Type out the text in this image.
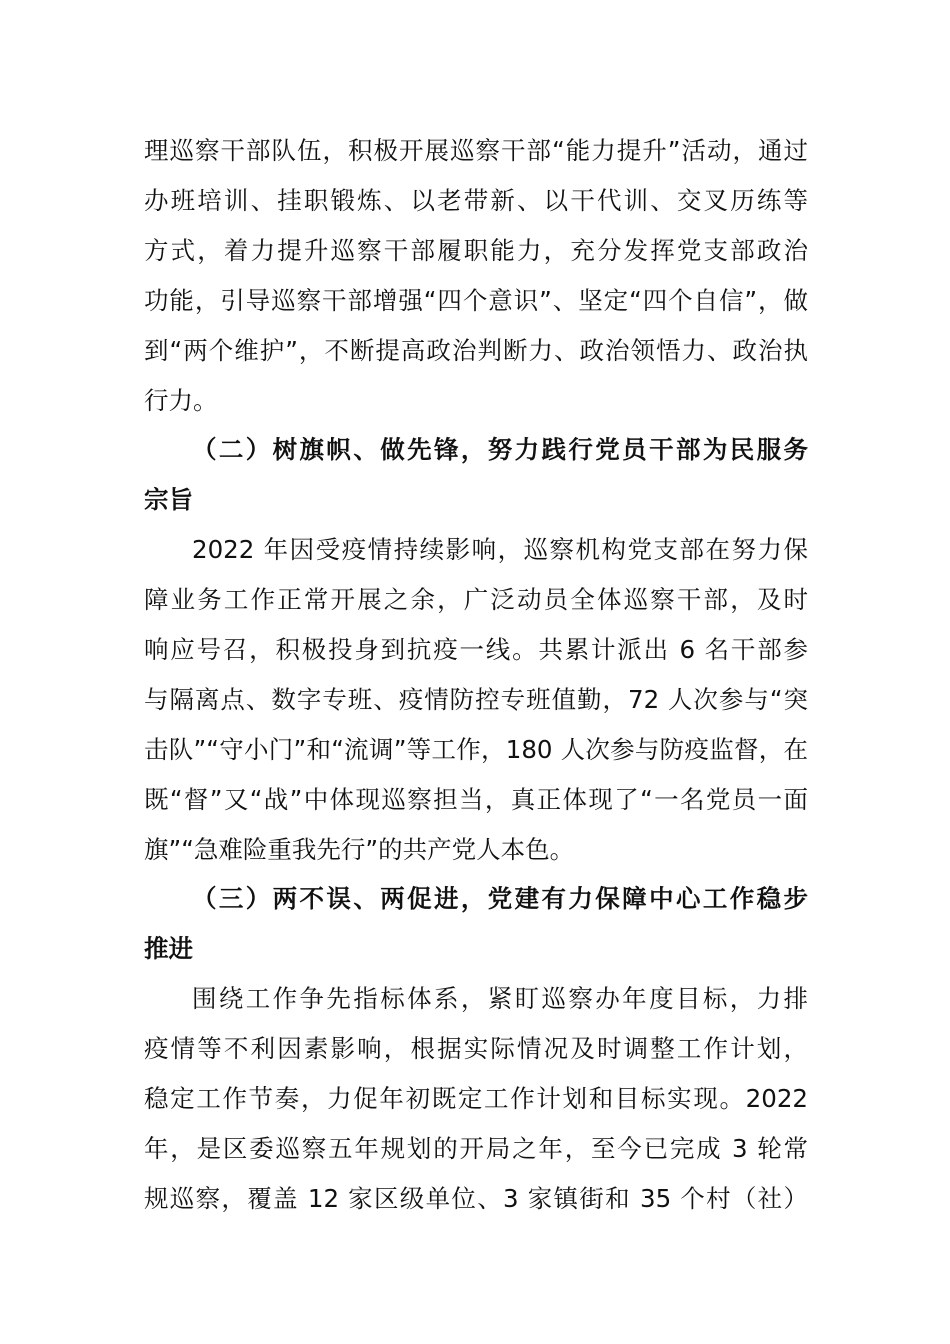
理巡察干部队伍，积极开展巡察干部“能力提升”活动，通过
办班培训、挂职锻炼、以老带新、以干代训、交叉历练等
方式，着力提升巡察干部履职能力，充分发挥党支部政治
功能，引导巡察干部增强“四个意识”、坚定“四个自信”，做
到“两个维护”，不断提高政治判断力、政治领悟力、政治执
行力。
（二）树旗帜、做先锋，努力践行党员干部为民服务
宗旨
2022 年因受疫情持续影响，巡察机构党支部在努力保
障业务工作正常开展之余，广泛动员全体巡察干部，及时
响应号召，积极投身到抗疫一线。共累计派出 6 名干部参
与隔离点、数字专班、疫情防控专班值勤，72 人次参与“突
击队”“守小门”和“流调”等工作，180 人次参与防疫监督，在
既“督”又“战”中体现巡察担当，真正体现了“一名党员一面
旗”“急难险重我先行”的共产党人本色。
（三）两不误、两促进，党建有力保障中心工作稳步
推进
围绕工作争先指标体系，紧盯巡察办年度目标，力排
疫情等不利因素影响，根据实际情况及时调整工作计划，
稳定工作节奏，力促年初既定工作计划和目标实现。2022
年，是区委巡察五年规划的开局之年，至今已完成 3 轮常
规巡察，覆盖 12 家区级单位、3 家镇街和 35 个村（社）
